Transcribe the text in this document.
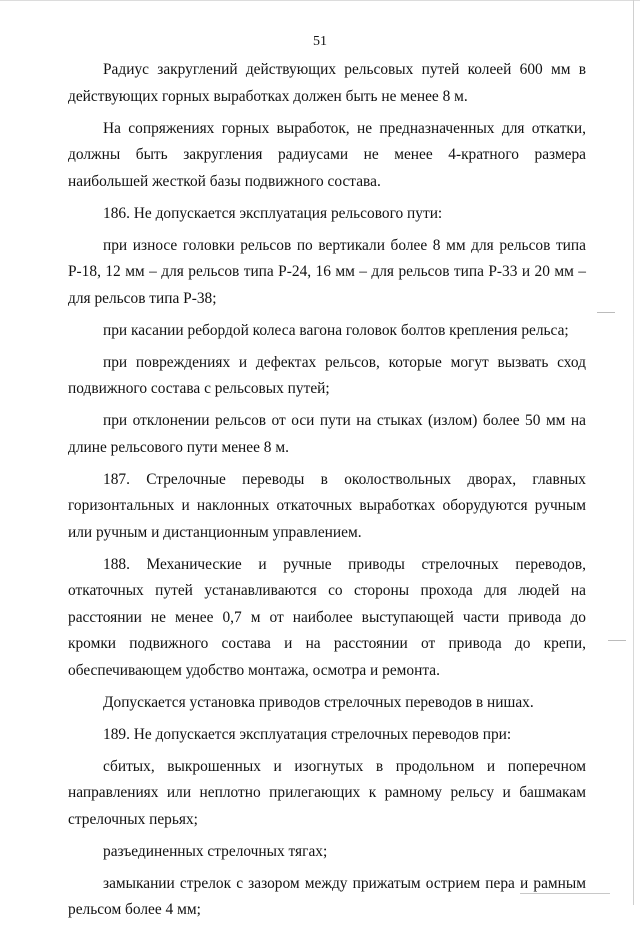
51

Радиус закруглений действующих рельсовых путей колеей 600 мм в действующих горных выработках должен быть не менее 8 м.

На сопряжениях горных выработок, не предназначенных для откатки, должны быть закругления радиусами не менее 4-кратного размера наибольшей жесткой базы подвижного состава.

186. Не допускается эксплуатация рельсового пути:

при износе головки рельсов по вертикали более 8 мм для рельсов типа Р-18, 12 мм – для рельсов типа Р-24, 16 мм – для рельсов типа Р-33 и 20 мм – для рельсов типа Р-38;

при касании ребордой колеса вагона головок болтов крепления рельса;

при повреждениях и дефектах рельсов, которые могут вызвать сход подвижного состава с рельсовых путей;

при отклонении рельсов от оси пути на стыках (излом) более 50 мм на длине рельсового пути менее 8 м.

187. Стрелочные переводы в околоствольных дворах, главных горизонтальных и наклонных откаточных выработках оборудуются ручным или ручным и дистанционным управлением.

188. Механические и ручные приводы стрелочных переводов, откаточных путей устанавливаются со стороны прохода для людей на расстоянии не менее 0,7 м от наиболее выступающей части привода до кромки подвижного состава и на расстоянии от привода до крепи, обеспечивающем удобство монтажа, осмотра и ремонта.

Допускается установка приводов стрелочных переводов в нишах.

189. Не допускается эксплуатация стрелочных переводов при:

сбитых, выкрошенных и изогнутых в продольном и поперечном направлениях или неплотно прилегающих к рамному рельсу и башмакам стрелочных перьях;

разъединенных стрелочных тягах;

замыкании стрелок с зазором между прижатым острием пера и рамным рельсом более 4 мм;
